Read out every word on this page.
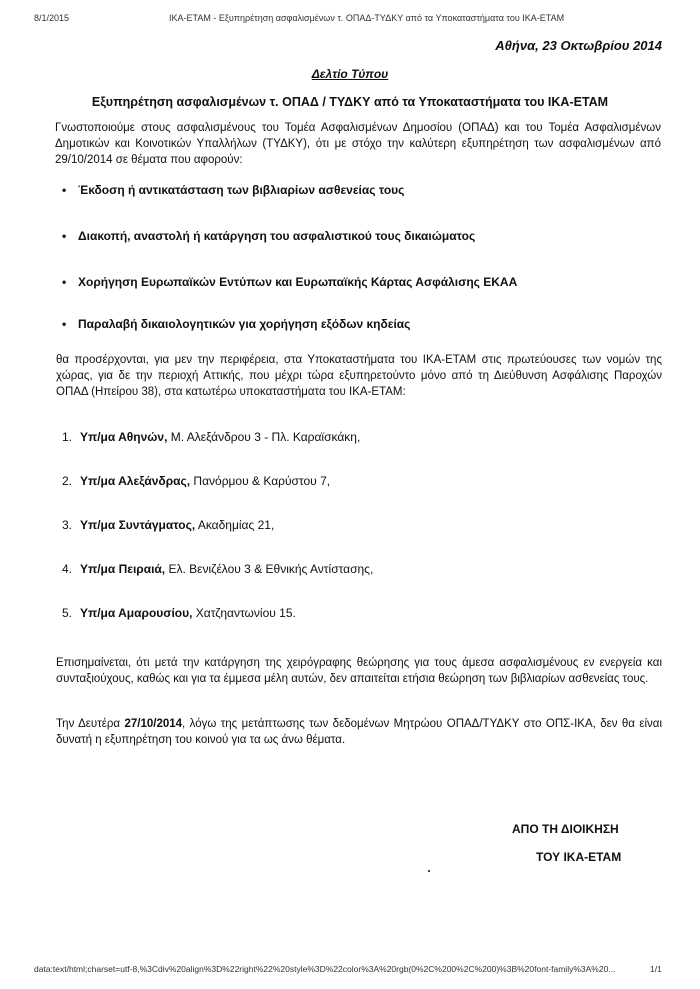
8/1/2015	ΙΚΑ-ΕΤΑΜ - Εξυπηρέτηση ασφαλισμένων τ. ΟΠΑΔ-ΤΥΔΚΥ από τα Υποκαταστήματα του ΙΚΑ-ΕΤΑΜ
Αθήνα, 23 Οκτωβρίου 2014
Δελτίο Τύπου
Εξυπηρέτηση ασφαλισμένων τ. ΟΠΑΔ / ΤΥΔΚΥ από τα Υποκαταστήματα του ΙΚΑ-ΕΤΑΜ
Γνωστοποιούμε στους ασφαλισμένους του Τομέα Ασφαλισμένων Δημοσίου (ΟΠΑΔ) και του Τομέα Ασφαλισμένων Δημοτικών και Κοινοτικών Υπαλλήλων (ΤΥΔΚΥ), ότι με στόχο την καλύτερη εξυπηρέτηση των ασφαλισμένων από 29/10/2014 σε θέματα που αφορούν:
• Έκδοση ή αντικατάσταση των βιβλιαρίων ασθενείας τους
• Διακοπή, αναστολή ή κατάργηση του ασφαλιστικού τους δικαιώματος
• Χορήγηση Ευρωπαϊκών Εντύπων και Ευρωπαϊκής Κάρτας Ασφάλισης ΕΚΑΑ
• Παραλαβή δικαιολογητικών για χορήγηση εξόδων κηδείας
θα προσέρχονται, για μεν την περιφέρεια, στα Υποκαταστήματα του ΙΚΑ-ΕΤΑΜ στις πρωτεύουσες των νομών της χώρας, για δε την περιοχή Αττικής, που μέχρι τώρα εξυπηρετούντο μόνο από τη Διεύθυνση Ασφάλισης Παροχών ΟΠΑΔ (Ηπείρου 38), στα κατωτέρω υποκαταστήματα του ΙΚΑ-ΕΤΑΜ:
1. Υπ/μα Αθηνών, Μ. Αλεξάνδρου 3 - Πλ. Καραϊσκάκη,
2. Υπ/μα Αλεξάνδρας, Πανόρμου & Καρύστου 7,
3. Υπ/μα Συντάγματος, Ακαδημίας 21,
4. Υπ/μα Πειραιά, Ελ. Βενιζέλου 3 & Εθνικής Αντίστασης,
5. Υπ/μα Αμαρουσίου, Χατζηαντωνίου 15.
Επισημαίνεται, ότι μετά την κατάργηση της χειρόγραφης θεώρησης για τους άμεσα ασφαλισμένους εν ενεργεία και συνταξιούχους, καθώς και για τα έμμεσα μέλη αυτών, δεν απαιτείται ετήσια θεώρηση των βιβλιαρίων ασθενείας τους.
Την Δευτέρα 27/10/2014, λόγω της μετάπτωσης των δεδομένων Μητρώου ΟΠΑΔ/ΤΥΔΚΥ στο ΟΠΣ-ΙΚΑ, δεν θα είναι δυνατή η εξυπηρέτηση του κοινού για τα ως άνω θέματα.
ΑΠΟ ΤΗ ΔΙΟΙΚΗΣΗ
ΤΟΥ ΙΚΑ-ΕΤΑΜ
data:text/html;charset=utf-8,%3Cdiv%20align%3D%22right%22%20style%3D%22color%3A%20rgb(0%2C%200%2C%200)%3B%20font-family%3A%20...	1/1
